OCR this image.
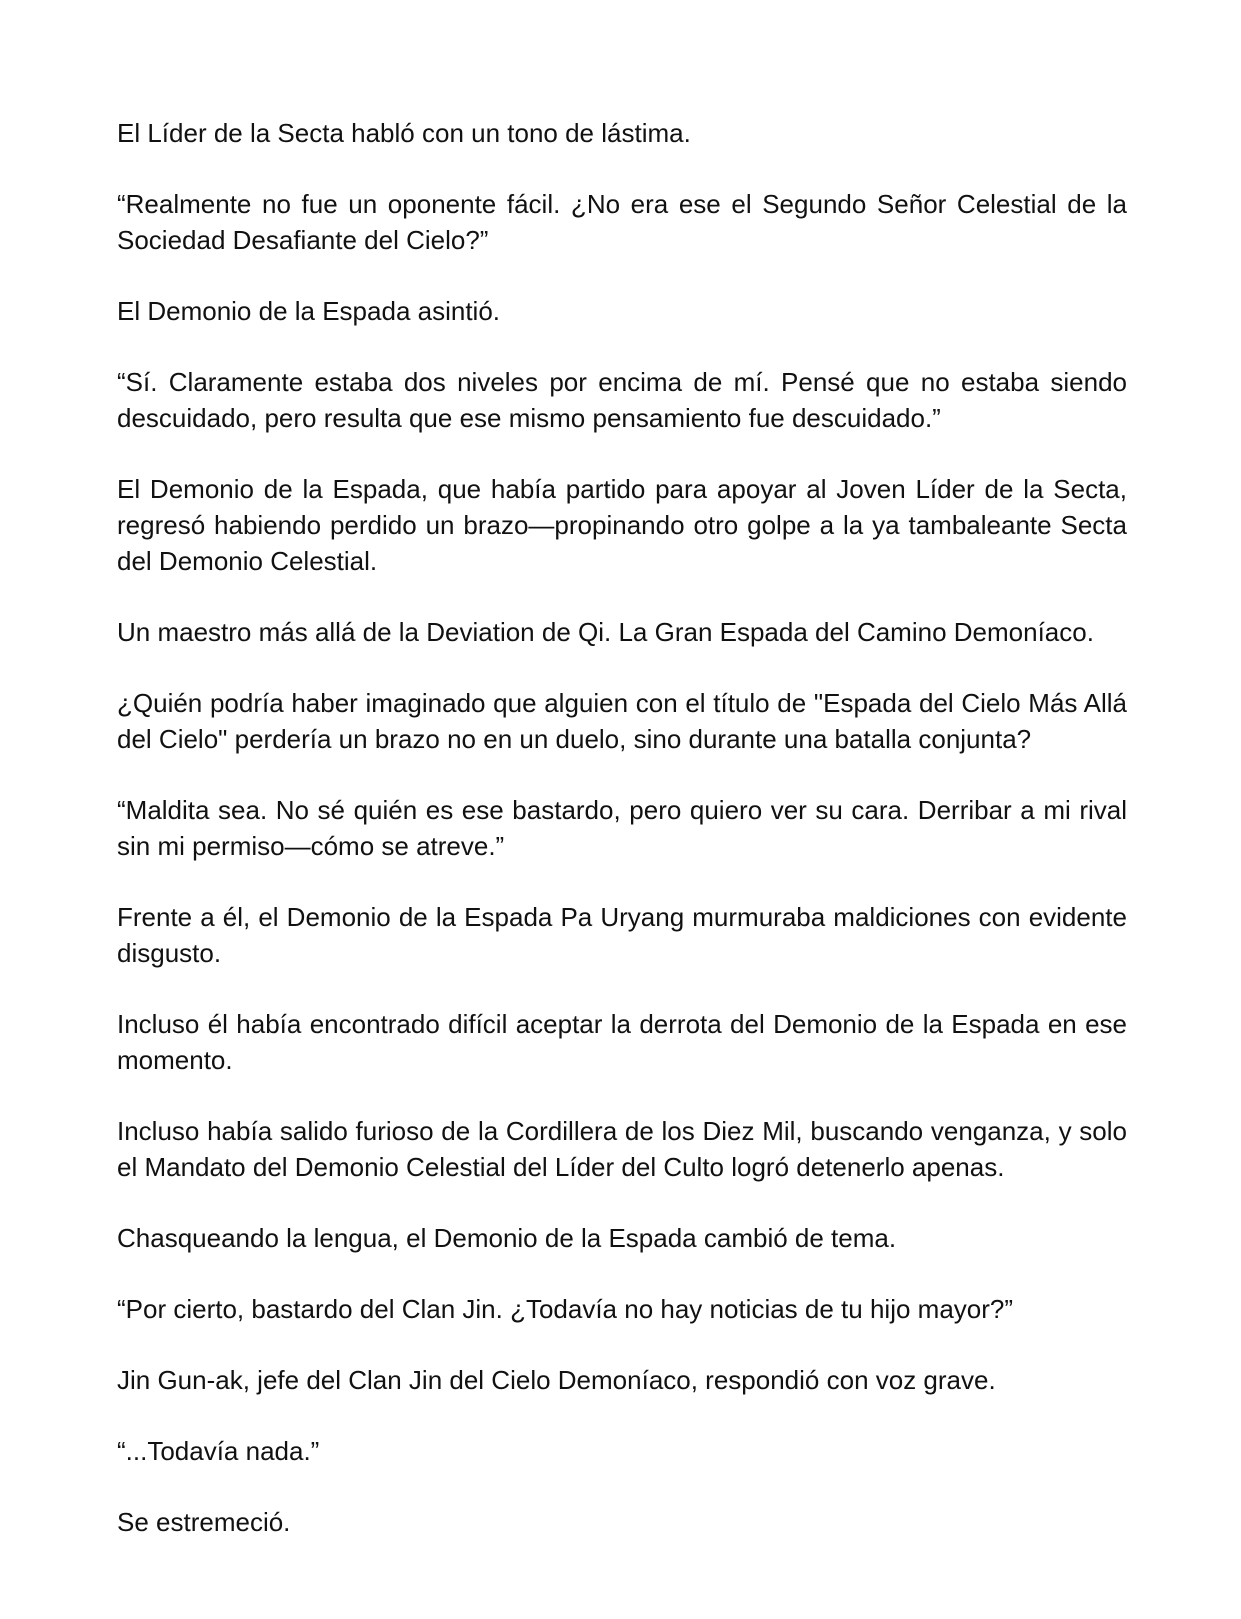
El Líder de la Secta habló con un tono de lástima.

“Realmente no fue un oponente fácil. ¿No era ese el Segundo Señor Celestial de la Sociedad Desafiante del Cielo?”

El Demonio de la Espada asintió.

“Sí. Claramente estaba dos niveles por encima de mí. Pensé que no estaba siendo descuidado, pero resulta que ese mismo pensamiento fue descuidado.”

El Demonio de la Espada, que había partido para apoyar al Joven Líder de la Secta, regresó habiendo perdido un brazo—propinando otro golpe a la ya tambaleante Secta del Demonio Celestial.

Un maestro más allá de la Deviation de Qi. La Gran Espada del Camino Demoníaco.

¿Quién podría haber imaginado que alguien con el título de "Espada del Cielo Más Allá del Cielo" perdería un brazo no en un duelo, sino durante una batalla conjunta?

“Maldita sea. No sé quién es ese bastardo, pero quiero ver su cara. Derribar a mi rival sin mi permiso—cómo se atreve.”

Frente a él, el Demonio de la Espada Pa Uryang murmuraba maldiciones con evidente disgusto.

Incluso él había encontrado difícil aceptar la derrota del Demonio de la Espada en ese momento.

Incluso había salido furioso de la Cordillera de los Diez Mil, buscando venganza, y solo el Mandato del Demonio Celestial del Líder del Culto logró detenerlo apenas.

Chasqueando la lengua, el Demonio de la Espada cambió de tema.

“Por cierto, bastardo del Clan Jin. ¿Todavía no hay noticias de tu hijo mayor?”

Jin Gun-ak, jefe del Clan Jin del Cielo Demoníaco, respondió con voz grave.

“...Todavía nada.”

Se estremeció.
